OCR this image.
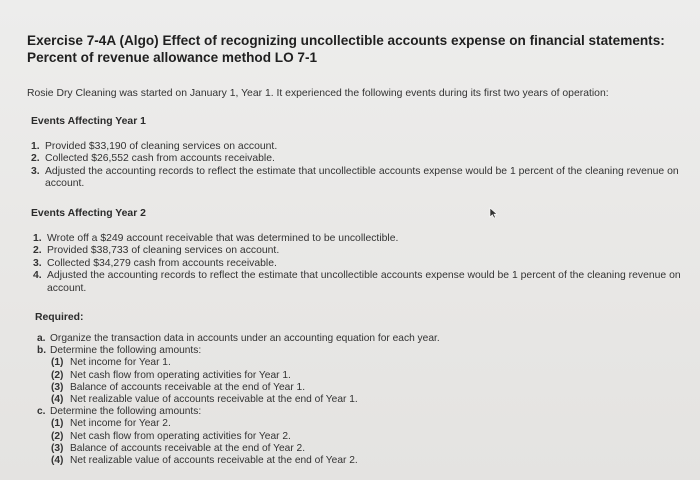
Exercise 7-4A (Algo) Effect of recognizing uncollectible accounts expense on financial statements:
Percent of revenue allowance method LO 7-1
Rosie Dry Cleaning was started on January 1, Year 1. It experienced the following events during its first two years of operation:
Events Affecting Year 1
1. Provided $33,190 of cleaning services on account.
2. Collected $26,552 cash from accounts receivable.
3. Adjusted the accounting records to reflect the estimate that uncollectible accounts expense would be 1 percent of the cleaning revenue on account.
Events Affecting Year 2
1. Wrote off a $249 account receivable that was determined to be uncollectible.
2. Provided $38,733 of cleaning services on account.
3. Collected $34,279 cash from accounts receivable.
4. Adjusted the accounting records to reflect the estimate that uncollectible accounts expense would be 1 percent of the cleaning revenue on account.
Required:
a. Organize the transaction data in accounts under an accounting equation for each year.
b. Determine the following amounts:
(1) Net income for Year 1.
(2) Net cash flow from operating activities for Year 1.
(3) Balance of accounts receivable at the end of Year 1.
(4) Net realizable value of accounts receivable at the end of Year 1.
c. Determine the following amounts:
(1) Net income for Year 2.
(2) Net cash flow from operating activities for Year 2.
(3) Balance of accounts receivable at the end of Year 2.
(4) Net realizable value of accounts receivable at the end of Year 2.
